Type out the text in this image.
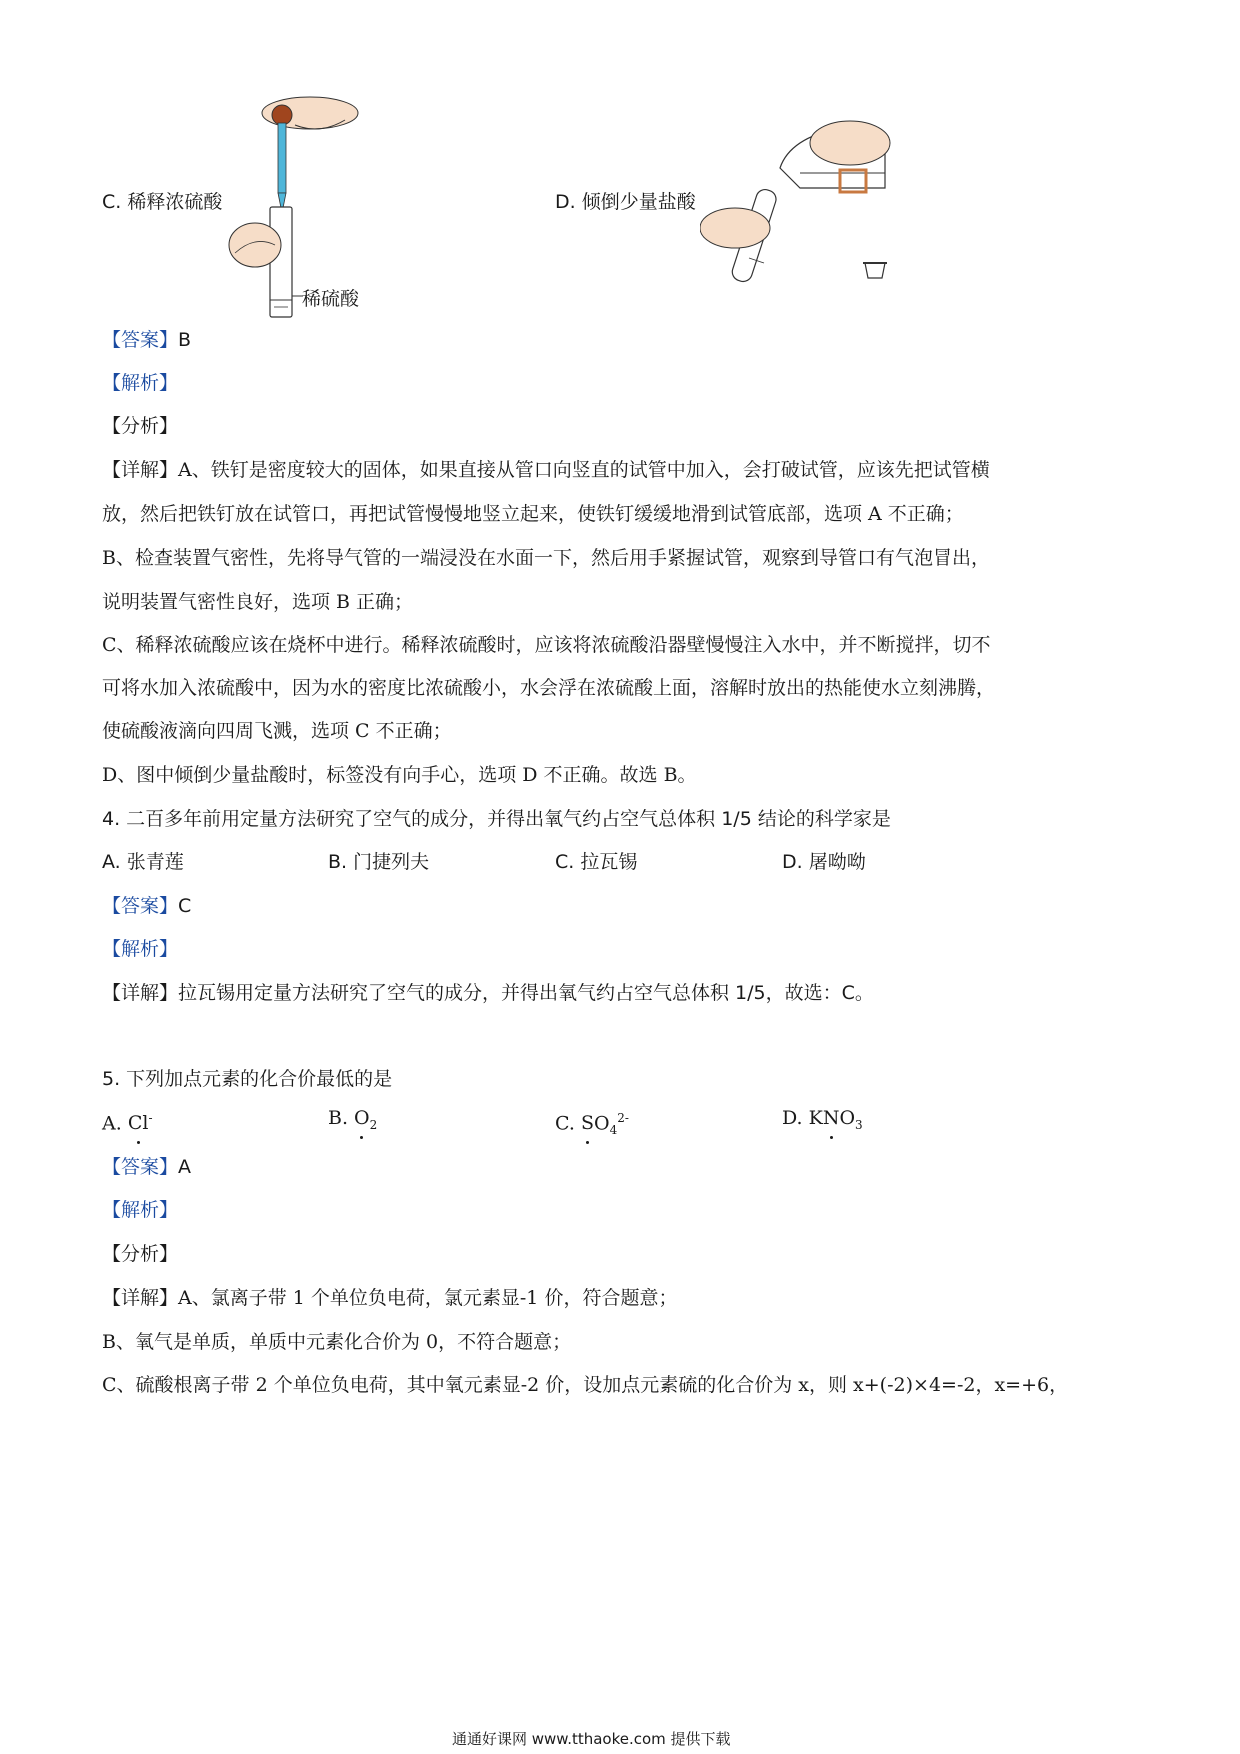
稀硫酸
C. 稀释浓硫酸	D. 倾倒少量盐酸
【答案】B
【解析】
【分析】
【详解】A、铁钉是密度较大的固体，如果直接从管口向竖直的试管中加入，会打破试管，应该先把试管横
放，然后把铁钉放在试管口，再把试管慢慢地竖立起来，使铁钉缓缓地滑到试管底部，选项 A 不正确；
B、检查装置气密性，先将导气管的一端浸没在水面一下，然后用手紧握试管，观察到导管口有气泡冒出，
说明装置气密性良好，选项 B 正确；
C、稀释浓硫酸应该在烧杯中进行。稀释浓硫酸时，应该将浓硫酸沿器壁慢慢注入水中，并不断搅拌，切不
可将水加入浓硫酸中，因为水的密度比浓硫酸小，水会浮在浓硫酸上面，溶解时放出的热能使水立刻沸腾，
使硫酸液滴向四周飞溅，选项 C 不正确；
D、图中倾倒少量盐酸时，标签没有向手心，选项 D 不正确。故选 B。
4. 二百多年前用定量方法研究了空气的成分，并得出氧气约占空气总体积 1/5 结论的科学家是
A. 张青莲	B. 门捷列夫	C. 拉瓦锡	D. 屠呦呦
【答案】C
【解析】
【详解】拉瓦锡用定量方法研究了空气的成分，并得出氧气约占空气总体积 1/5，故选：C。
5. 下列加点元素的化合价最低的是
A. Cl-	B. $O_2$	C. $SO_4^{2-}$	D. $KNO_3$
【答案】A
【解析】
【分析】
【详解】A、氯离子带 1 个单位负电荷，氯元素显-1 价，符合题意；
B、氧气是单质，单质中元素化合价为 0，不符合题意；
C、硫酸根离子带 2 个单位负电荷，其中氧元素显-2 价，设加点元素硫的化合价为 x，则 x+(-2)×4=-2，x=+6，
通通好课网 www.tthaoke.com 提供下载
